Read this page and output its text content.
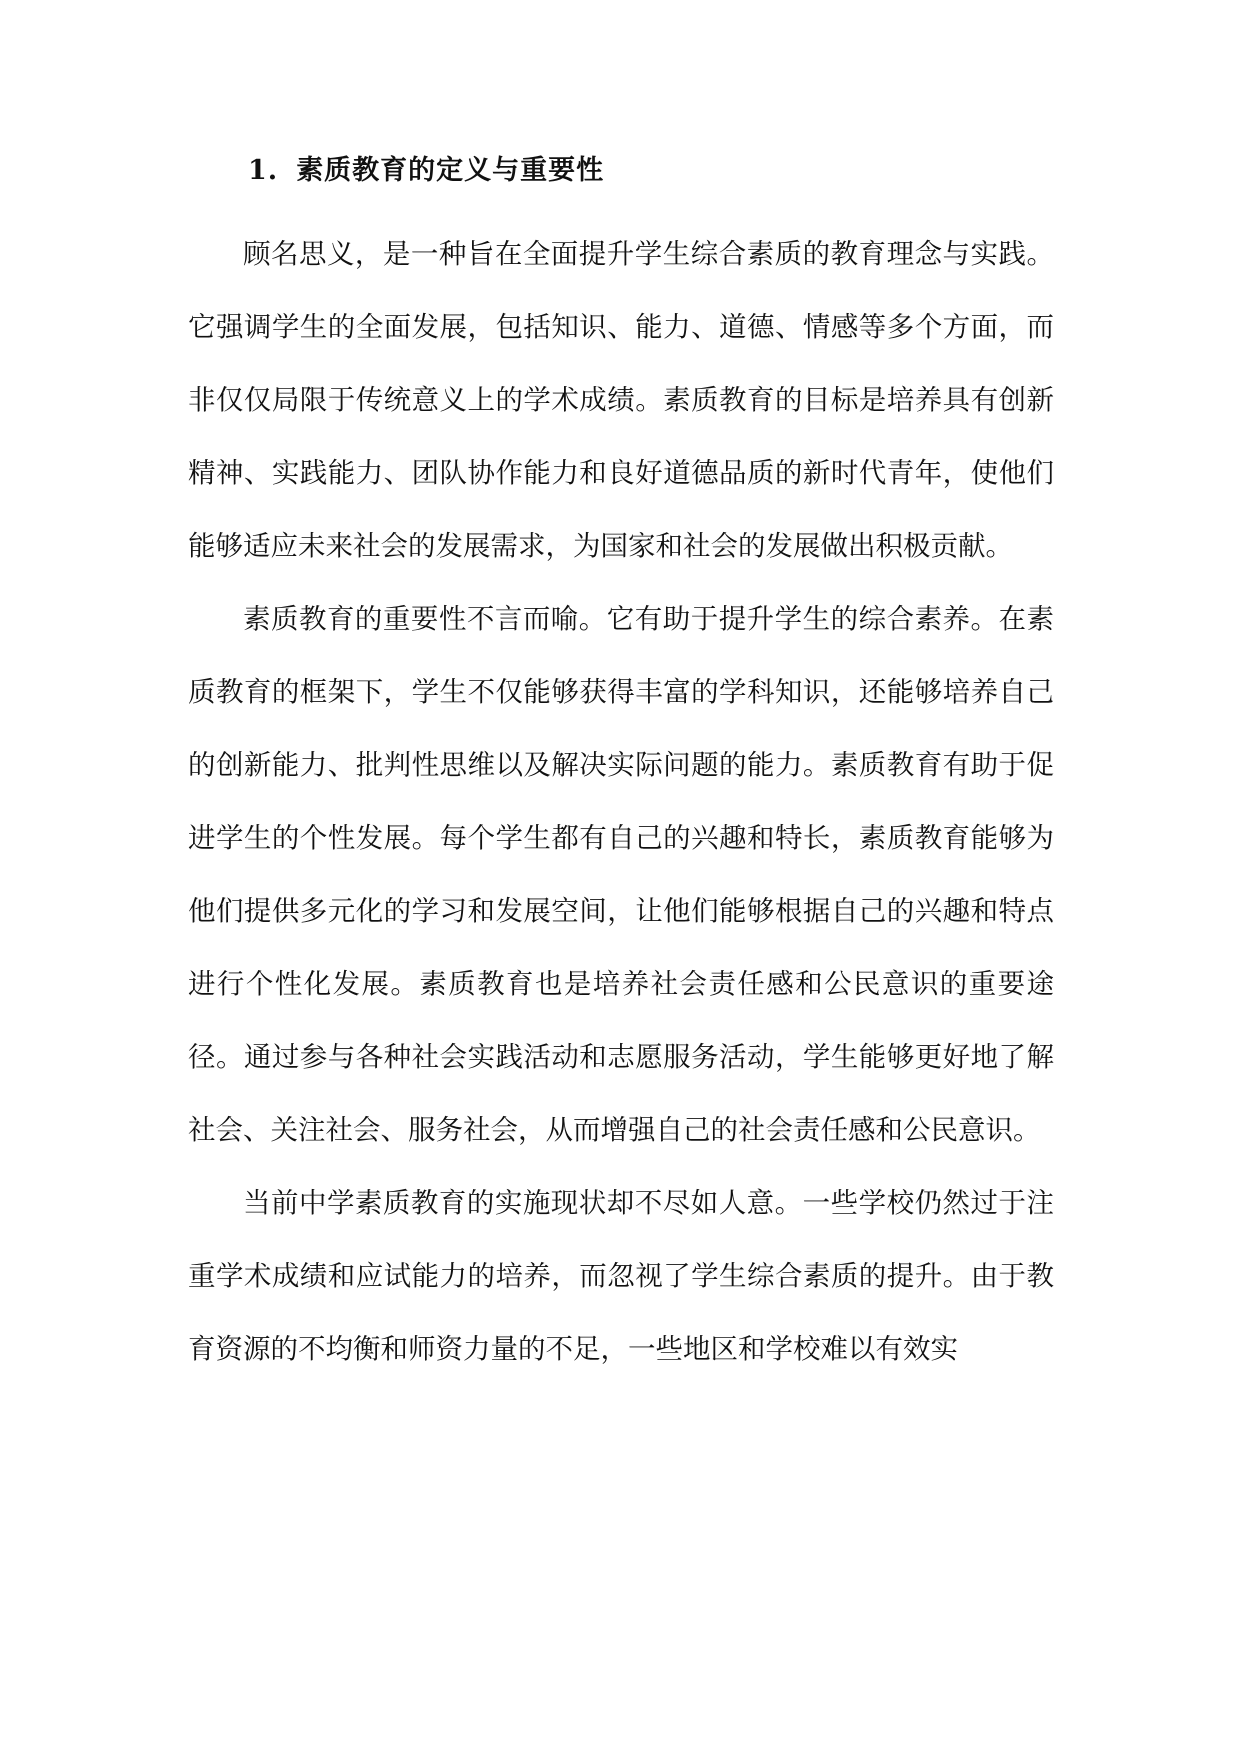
1. 素质教育的定义与重要性

顾名思义，是一种旨在全面提升学生综合素质的教育理念与实践。它强调学生的全面发展，包括知识、能力、道德、情感等多个方面，而非仅仅局限于传统意义上的学术成绩。素质教育的目标是培养具有创新精神、实践能力、团队协作能力和良好道德品质的新时代青年，使他们能够适应未来社会的发展需求，为国家和社会的发展做出积极贡献。

素质教育的重要性不言而喻。它有助于提升学生的综合素养。在素质教育的框架下，学生不仅能够获得丰富的学科知识，还能够培养自己的创新能力、批判性思维以及解决实际问题的能力。素质教育有助于促进学生的个性发展。每个学生都有自己的兴趣和特长，素质教育能够为他们提供多元化的学习和发展空间，让他们能够根据自己的兴趣和特点进行个性化发展。素质教育也是培养社会责任感和公民意识的重要途径。通过参与各种社会实践活动和志愿服务活动，学生能够更好地了解社会、关注社会、服务社会，从而增强自己的社会责任感和公民意识。

当前中学素质教育的实施现状却不尽如人意。一些学校仍然过于注重学术成绩和应试能力的培养，而忽视了学生综合素质的提升。由于教育资源的不均衡和师资力量的不足，一些地区和学校难以有效实
